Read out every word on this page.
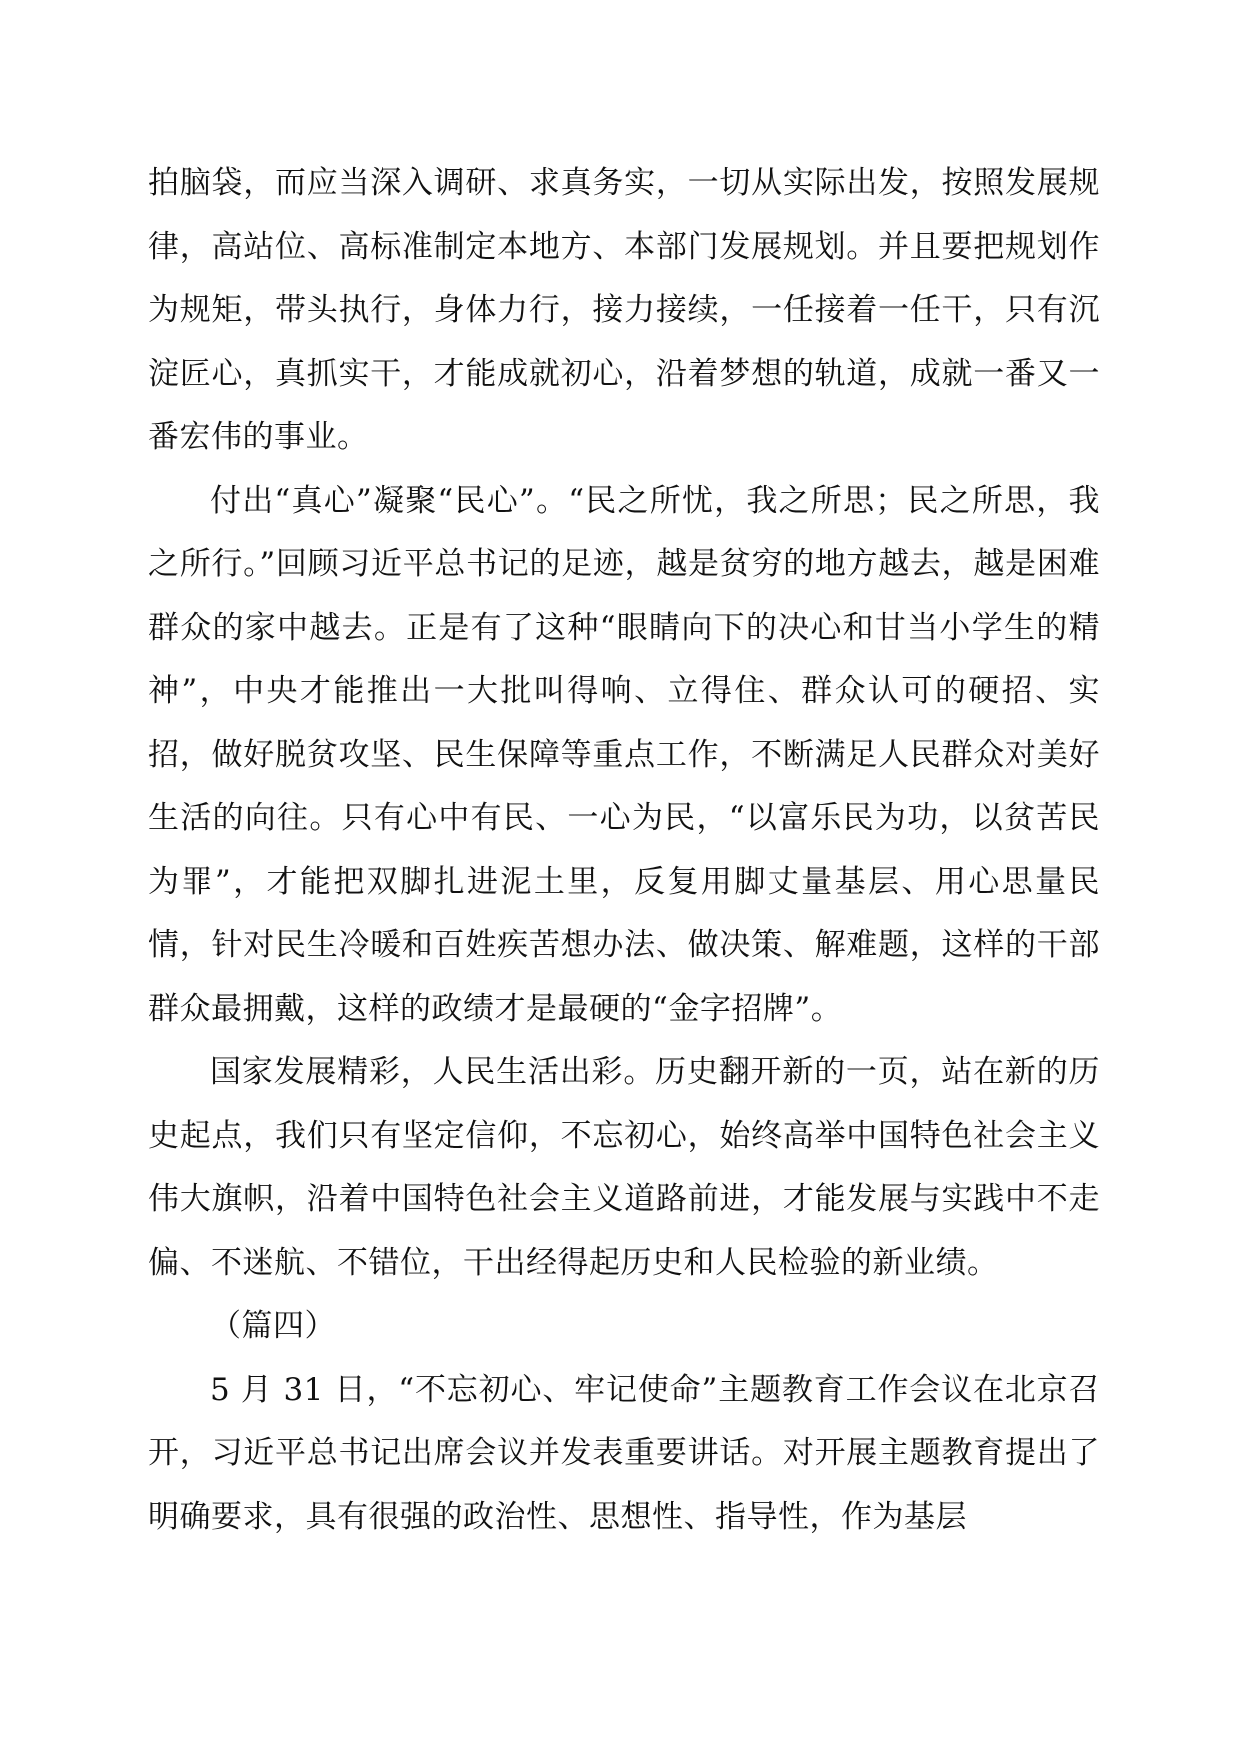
拍脑袋，而应当深入调研、求真务实，一切从实际出发，按照发展规律，高站位、高标准制定本地方、本部门发展规划。并且要把规划作为规矩，带头执行，身体力行，接力接续，一任接着一任干，只有沉淀匠心，真抓实干，才能成就初心，沿着梦想的轨道，成就一番又一番宏伟的事业。

付出“真心”凝聚“民心”。“民之所忧，我之所思；民之所思，我之所行。”回顾习近平总书记的足迹，越是贫穷的地方越去，越是困难群众的家中越去。正是有了这种“眼睛向下的决心和甘当小学生的精神”，中央才能推出一大批叫得响、立得住、群众认可的硬招、实招，做好脱贫攻坚、民生保障等重点工作，不断满足人民群众对美好生活的向往。只有心中有民、一心为民，“以富乐民为功，以贫苦民为罪”，才能把双脚扎进泥土里，反复用脚丈量基层、用心思量民情，针对民生冷暖和百姓疾苦想办法、做决策、解难题，这样的干部群众最拥戴，这样的政绩才是最硬的“金字招牌”。

国家发展精彩，人民生活出彩。历史翻开新的一页，站在新的历史起点，我们只有坚定信仰，不忘初心，始终高举中国特色社会主义伟大旗帜，沿着中国特色社会主义道路前进，才能发展与实践中不走偏、不迷航、不错位，干出经得起历史和人民检验的新业绩。

（篇四）

5 月 31 日，“不忘初心、牢记使命”主题教育工作会议在北京召开，习近平总书记出席会议并发表重要讲话。对开展主题教育提出了明确要求，具有很强的政治性、思想性、指导性，作为基层
